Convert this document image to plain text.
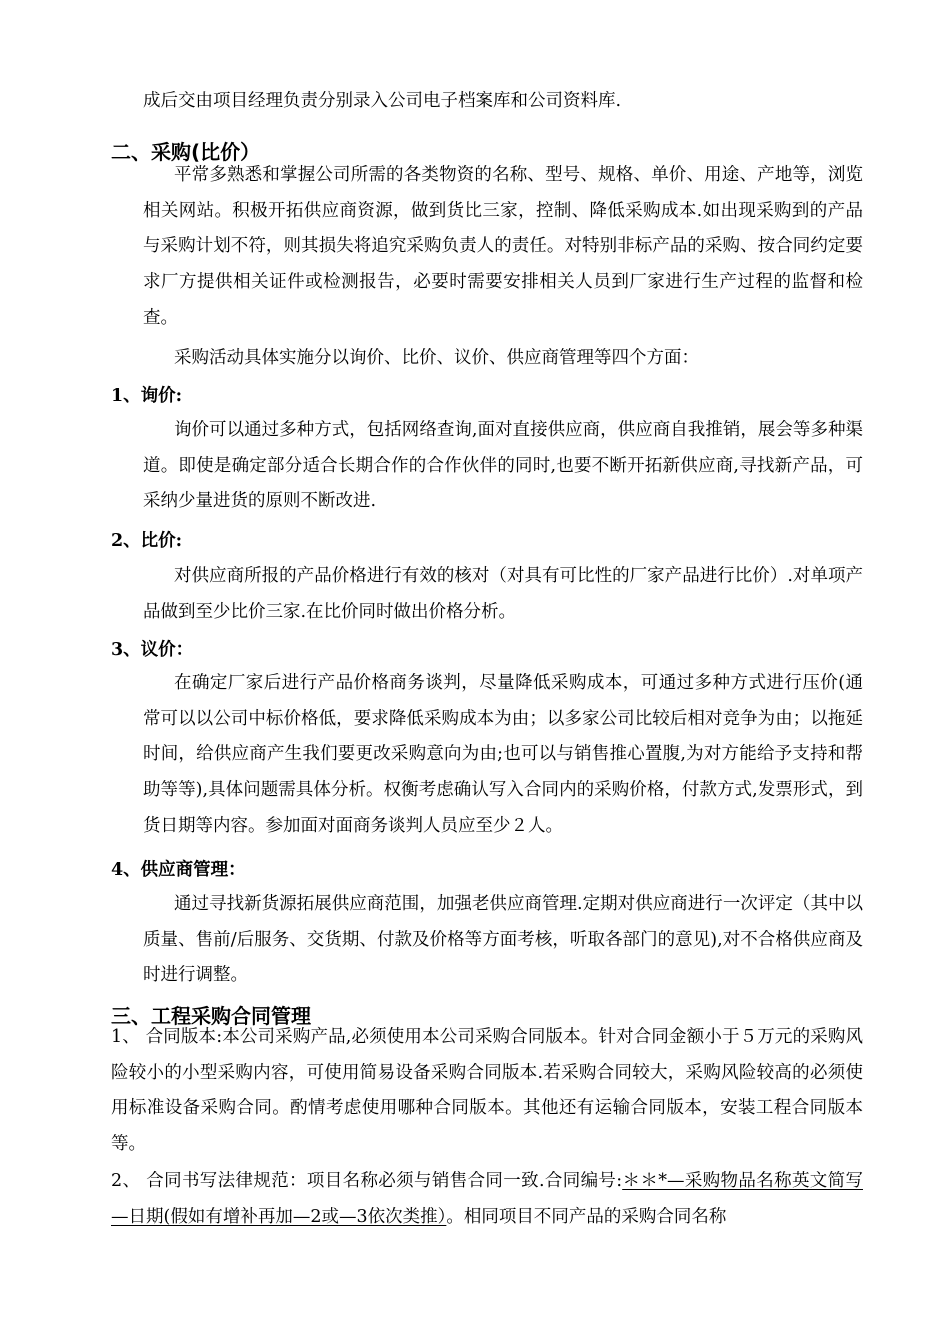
成后交由项目经理负责分别录入公司电子档案库和公司资料库.

二、采购(比价）

平常多熟悉和掌握公司所需的各类物资的名称、型号、规格、单价、用途、产地等，浏览相关网站。积极开拓供应商资源，做到货比三家，控制、降低采购成本.如出现采购到的产品与采购计划不符，则其损失将追究采购负责人的责任。对特别非标产品的采购、按合同约定要求厂方提供相关证件或检测报告，必要时需要安排相关人员到厂家进行生产过程的监督和检查。

采购活动具体实施分以询价、比价、议价、供应商管理等四个方面：

1、询价:

询价可以通过多种方式，包括网络查询,面对直接供应商，供应商自我推销，展会等多种渠道。即使是确定部分适合长期合作的合作伙伴的同时,也要不断开拓新供应商,寻找新产品，可采纳少量进货的原则不断改进.

2、比价:

对供应商所报的产品价格进行有效的核对（对具有可比性的厂家产品进行比价）.对单项产品做到至少比价三家.在比价同时做出价格分析。

3、议价：

在确定厂家后进行产品价格商务谈判，尽量降低采购成本，可通过多种方式进行压价(通常可以以公司中标价格低，要求降低采购成本为由；以多家公司比较后相对竞争为由；以拖延时间，给供应商产生我们要更改采购意向为由;也可以与销售推心置腹,为对方能给予支持和帮助等等),具体问题需具体分析。权衡考虑确认写入合同内的采购价格，付款方式,发票形式，到货日期等内容。参加面对面商务谈判人员应至少２人。

4、供应商管理：

通过寻找新货源拓展供应商范围，加强老供应商管理.定期对供应商进行一次评定（其中以质量、售前/后服务、交货期、付款及价格等方面考核，听取各部门的意见),对不合格供应商及时进行调整。

三、工程采购合同管理

1、 合同版本:本公司采购产品,必须使用本公司采购合同版本。针对合同金额小于５万元的采购风险较小的小型采购内容，可使用简易设备采购合同版本.若采购合同较大，采购风险较高的必须使用标准设备采购合同。酌情考虑使用哪种合同版本。其他还有运输合同版本，安装工程合同版本等。

2、 合同书写法律规范：项目名称必须与销售合同一致.合同编号:＊＊*—采购物品名称英文简写—日期(假如有增补再加—2或—3依次类推）。相同项目不同产品的采购合同名称
